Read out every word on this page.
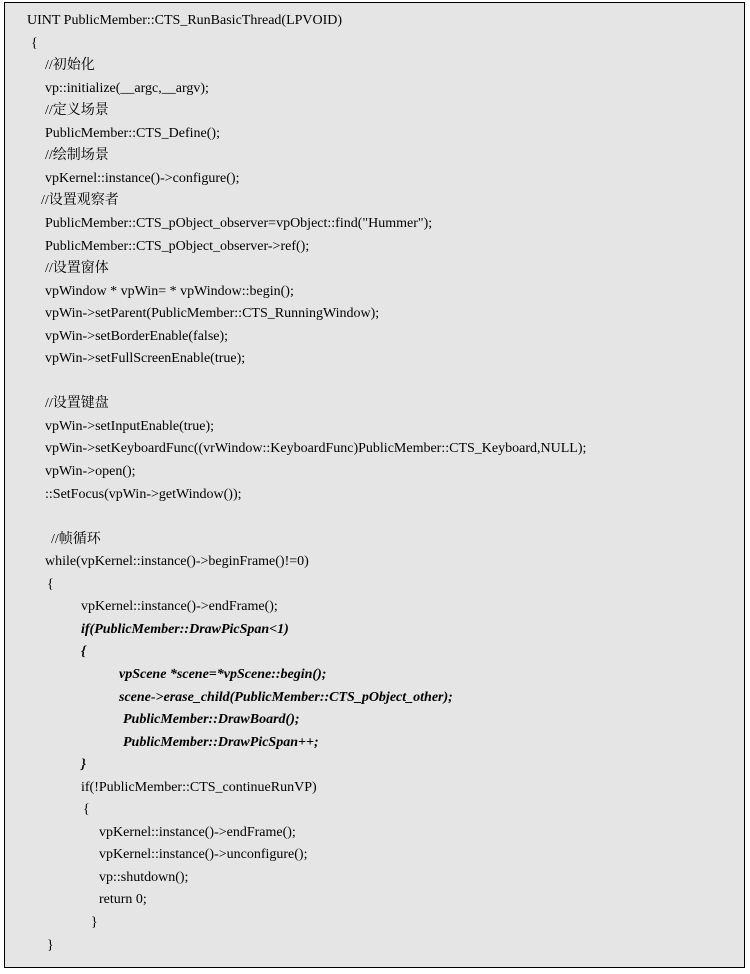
UINT PublicMember::CTS_RunBasicThread(LPVOID)
{
//初始化
vp::initialize(__argc,__argv);
//定义场景
PublicMember::CTS_Define();
//绘制场景
vpKernel::instance()->configure();
//设置观察者
PublicMember::CTS_pObject_observer=vpObject::find("Hummer");
PublicMember::CTS_pObject_observer->ref();
//设置窗体
vpWindow * vpWin= * vpWindow::begin();
vpWin->setParent(PublicMember::CTS_RunningWindow);
vpWin->setBorderEnable(false);
vpWin->setFullScreenEnable(true);
//设置键盘
vpWin->setInputEnable(true);
vpWin->setKeyboardFunc((vrWindow::KeyboardFunc)PublicMember::CTS_Keyboard,NULL);
vpWin->open();
::SetFocus(vpWin->getWindow());
//帧循环
while(vpKernel::instance()->beginFrame()!=0)
{
vpKernel::instance()->endFrame();
if(PublicMember::DrawPicSpan<1)
{
vpScene *scene=*vpScene::begin();
scene->erase_child(PublicMember::CTS_pObject_other);
PublicMember::DrawBoard();
PublicMember::DrawPicSpan++;
}
if(!PublicMember::CTS_continueRunVP)
{
vpKernel::instance()->endFrame();
vpKernel::instance()->unconfigure();
vp::shutdown();
return 0;
}
}
